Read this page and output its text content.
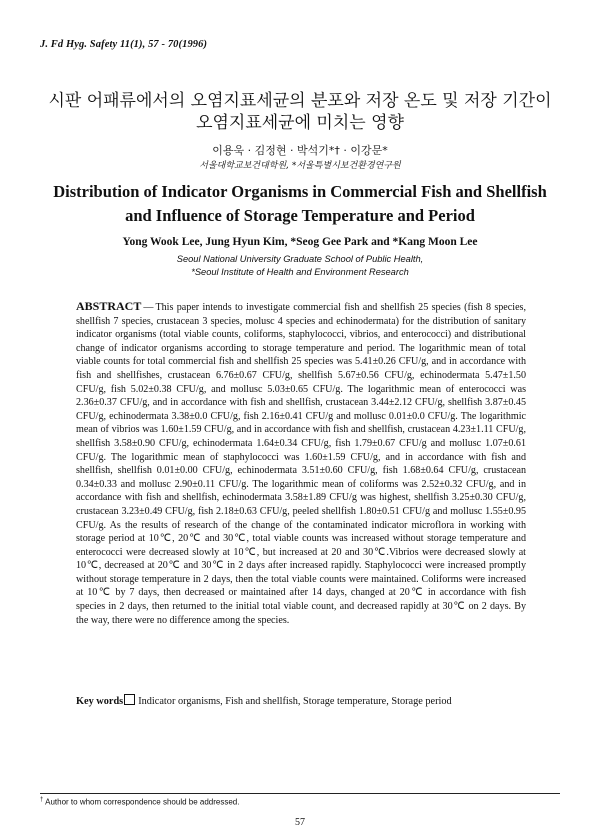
J. Fd Hyg. Safety 11(1), 57 - 70(1996)
시판 어패류에서의 오염지표세균의 분포와 저장 온도 및 저장 기간이
오염지표세균에 미치는 영향
이용욱 · 김정현 · 박석기*† · 이강문*
서울대학교보건대학원, *서울특별시보건환경연구원
Distribution of Indicator Organisms in Commercial Fish and Shellfish
and Influence of Storage Temperature and Period
Yong Wook Lee, Jung Hyun Kim, *Seog Gee Park and *Kang Moon Lee
Seoul National University Graduate School of Public Health,
*Seoul Institute of Health and Environment Research
ABSTRACT — This paper intends to investigate commercial fish and shellfish 25 species (fish 8 species, shellfish 7 species, crustacean 3 species, molusc 4 species and echinodermata) for the distribution of sanitary indicator organisms (total viable counts, coliforms, staphylococci, vibrios, and enterococci) and distributional change of indicator organisms according to storage temperature and period. The logarithmic mean of total viable counts for total commercial fish and shellfish 25 species was 5.41±0.26 CFU/g, and in accordance with fish and shellfishes, crustacean 6.76±0.67 CFU/g, shellfish 5.67±0.56 CFU/g, echinodermata 5.47±1.50 CFU/g, fish 5.02±0.38 CFU/g, and mollusc 5.03±0.65 CFU/g. The logarithmic mean of enterococci was 2.36±0.37 CFU/g, and in accordance with fish and shellfish, crustacean 3.44±2.12 CFU/g, shellfish 3.87±0.45 CFU/g, echinodermata 3.38±0.0 CFU/g, fish 2.16±0.41 CFU/g and mollusc 0.01±0.0 CFU/g. The logarithmic mean of vibrios was 1.60±1.59 CFU/g, and in accordance with fish and shellfish, crustacean 4.23±1.11 CFU/g, shellfish 3.58±0.90 CFU/g, echinodermata 1.64±0.34 CFU/g, fish 1.79±0.67 CFU/g and mollusc 1.07±0.61 CFU/g. The logarithmic mean of staphylococci was 1.60±1.59 CFU/g, and in accordance with fish and shellfish, shellfish 0.01±0.00 CFU/g, echinodermata 3.51±0.60 CFU/g, fish 1.68±0.64 CFU/g, crustacean 0.34±0.33 and mollusc 2.90±0.11 CFU/g. The logarithmic mean of coliforms was 2.52±0.32 CFU/g, and in accordance with fish and shellfish, echinodermata 3.58±1.89 CFU/g was highest, shellfish 3.25±0.30 CFU/g, crustacean 3.23±0.49 CFU/g, fish 2.18±0.63 CFU/g, peeled shellfish 1.80±0.51 CFU/g and mollusc 1.55±0.95 CFU/g. As the results of research of the change of the contaminated indicator microflora in working with storage period at 10℃, 20℃ and 30℃, total viable counts was increased without storage temperature and enterococci were decreased slowly at 10℃, but increased at 20 and 30℃.Vibrios were decreased slowly at 10℃, decreased at 20℃ and 30℃ in 2 days after increased rapidly. Staphylococci were increased promptly without storage temperature in 2 days, then the total viable counts were maintained. Coliforms were increased at 10℃ by 7 days, then decreased or maintained after 14 days, changed at 20℃ in accordance with fish species in 2 days, then returned to the initial total viable count, and decreased rapidly at 30℃ on 2 days. By the way, there were no difference among the species.
Key words Indicator organisms, Fish and shellfish, Storage temperature, Storage period
† Author to whom correspondence should be addressed.
57
